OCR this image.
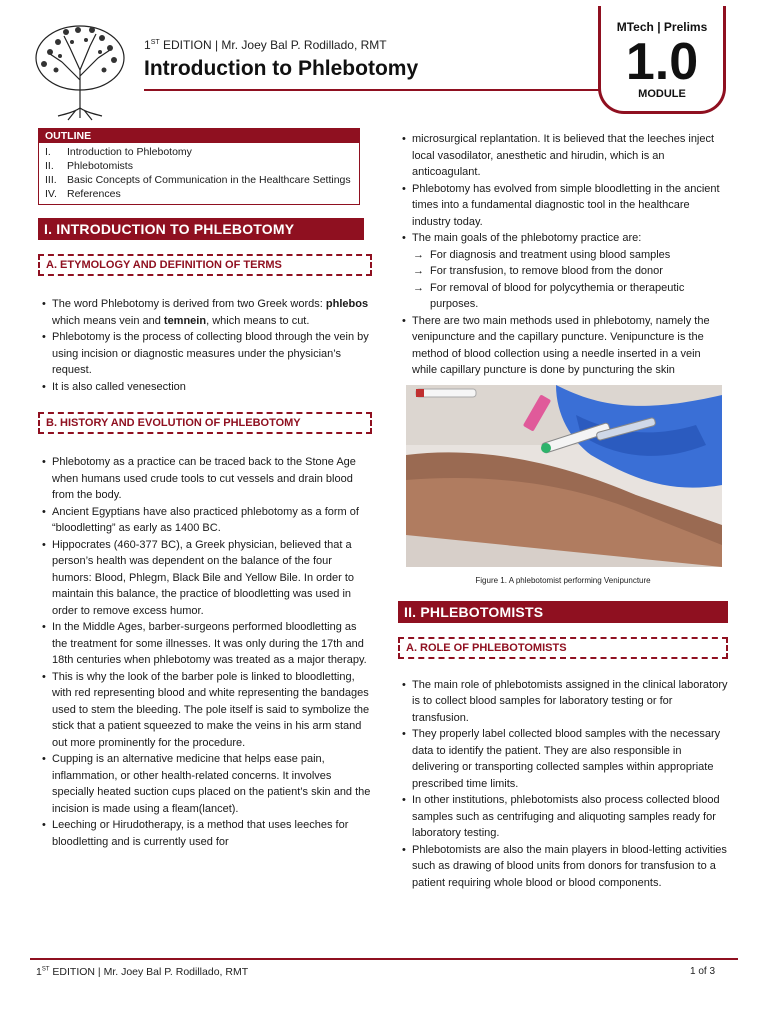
1ST EDITION | Mr. Joey Bal P. Rodillado, RMT
Introduction to Phlebotomy
MTech | Prelims
1.0
MODULE
OUTLINE
I.	Introduction to Phlebotomy
II.	Phlebotomists
III. Basic Concepts of Communication in the Healthcare Settings
IV. References
I. INTRODUCTION TO PHLEBOTOMY
A. ETYMOLOGY AND DEFINITION OF TERMS
• The word Phlebotomy is derived from two Greek words: phlebos which means vein and temnein, which means to cut.
• Phlebotomy is the process of collecting blood through the vein by using incision or diagnostic measures under the physician’s request.
• It is also called venesection
B. HISTORY AND EVOLUTION OF PHLEBOTOMY
• Phlebotomy as a practice can be traced back to the Stone Age when humans used crude tools to cut vessels and drain blood from the body.
• Ancient Egyptians have also practiced phlebotomy as a form of “bloodletting” as early as 1400 BC.
• Hippocrates (460-377 BC), a Greek physician, believed that a person’s health was dependent on the balance of the four humors: Blood, Phlegm, Black Bile and Yellow Bile. In order to maintain this balance, the practice of bloodletting was used in order to remove excess humor.
• In the Middle Ages, barber-surgeons performed bloodletting as the treatment for some illnesses. It was only during the 17th and 18th centuries when phlebotomy was treated as a major therapy.
• This is why the look of the barber pole is linked to bloodletting, with red representing blood and white representing the bandages used to stem the bleeding. The pole itself is said to symbolize the stick that a patient squeezed to make the veins in his arm stand out more prominently for the procedure.
• Cupping is an alternative medicine that helps ease pain, inflammation, or other health-related concerns. It involves specially heated suction cups placed on the patient’s skin and the incision is made using a fleam(lancet).
• Leeching or Hirudotherapy, is a method that uses leeches for bloodletting and is currently used for
• microsurgical replantation. It is believed that the leeches inject local vasodilator, anesthetic and hirudin, which is an anticoagulant.
• Phlebotomy has evolved from simple bloodletting in the ancient times into a fundamental diagnostic tool in the healthcare industry today.
• The main goals of the phlebotomy practice are:
→ For diagnosis and treatment using blood samples
→ For transfusion, to remove blood from the donor
→ For removal of blood for polycythemia or therapeutic purposes.
• There are two main methods used in phlebotomy, namely the venipuncture and the capillary puncture. Venipuncture is the method of blood collection using a needle inserted in a vein while capillary puncture is done by puncturing the skin
Figure 1. A phlebotomist performing Venipuncture
II. PHLEBOTOMISTS
A. ROLE OF PHLEBOTOMISTS
• The main role of phlebotomists assigned in the clinical laboratory is to collect blood samples for laboratory testing or for transfusion.
• They properly label collected blood samples with the necessary data to identify the patient. They are also responsible in delivering or transporting collected samples within appropriate prescribed time limits.
• In other institutions, phlebotomists also process collected blood samples such as centrifuging and aliquoting samples ready for laboratory testing.
• Phlebotomists are also the main players in blood-letting activities such as drawing of blood units from donors for transfusion to a patient requiring whole blood or blood components.
1ST EDITION | Mr. Joey Bal P. Rodillado, RMT	1 of 3
